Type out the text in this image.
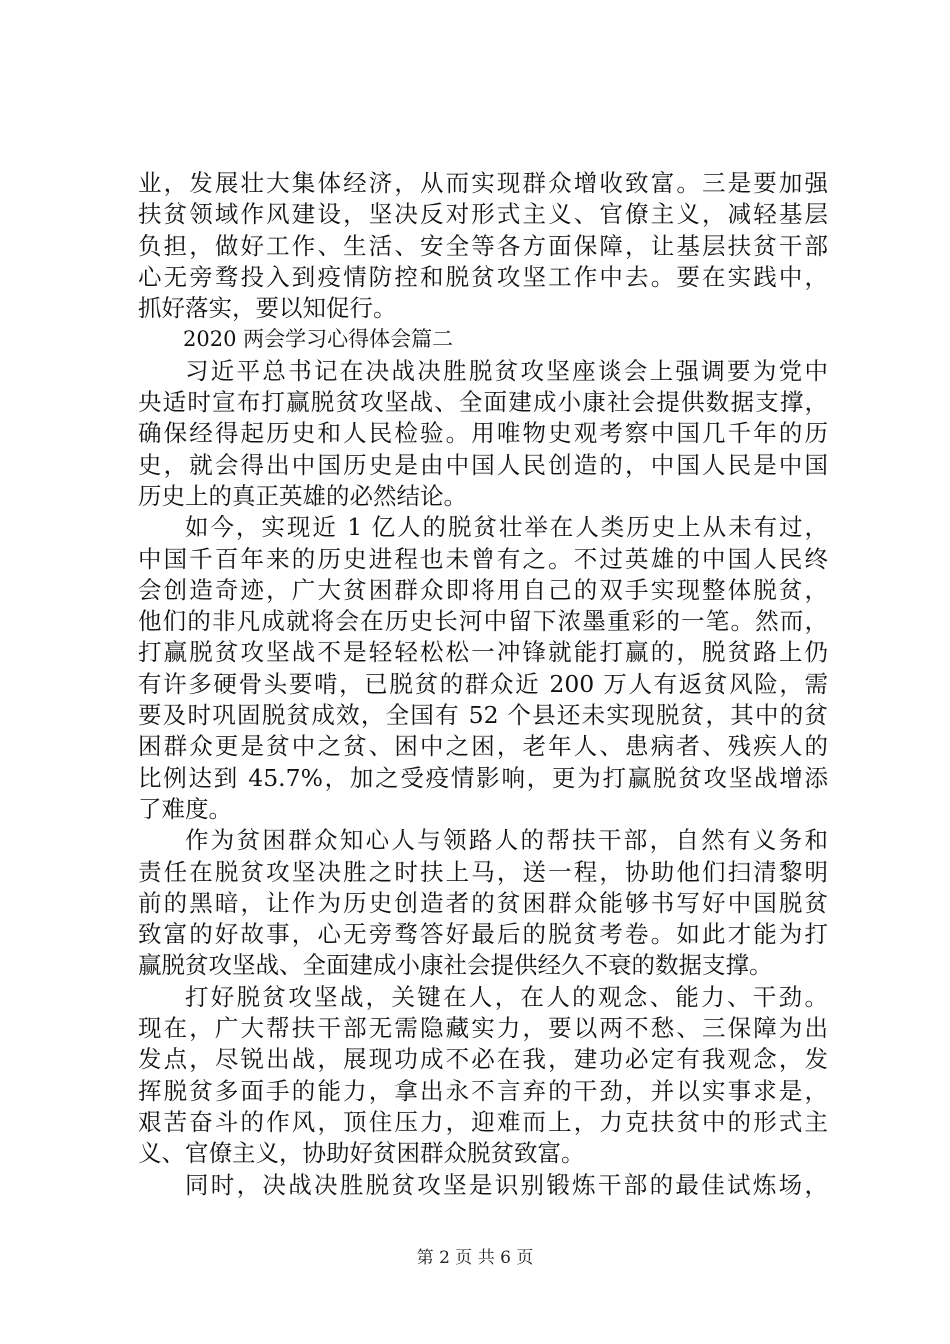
业，发展壮大集体经济，从而实现群众增收致富。三是要加强
扶贫领域作风建设，坚决反对形式主义、官僚主义，减轻基层
负担，做好工作、生活、安全等各方面保障，让基层扶贫干部
心无旁骛投入到疫情防控和脱贫攻坚工作中去。要在实践中，
抓好落实，要以知促行。
2020 两会学习心得体会篇二
习近平总书记在决战决胜脱贫攻坚座谈会上强调要为党中
央适时宣布打赢脱贫攻坚战、全面建成小康社会提供数据支撑，
确保经得起历史和人民检验。用唯物史观考察中国几千年的历
史，就会得出中国历史是由中国人民创造的，中国人民是中国
历史上的真正英雄的必然结论。
如今，实现近 1 亿人的脱贫壮举在人类历史上从未有过，
中国千百年来的历史进程也未曾有之。不过英雄的中国人民终
会创造奇迹，广大贫困群众即将用自己的双手实现整体脱贫，
他们的非凡成就将会在历史长河中留下浓墨重彩的一笔。然而，
打赢脱贫攻坚战不是轻轻松松一冲锋就能打赢的，脱贫路上仍
有许多硬骨头要啃，已脱贫的群众近 200 万人有返贫风险，需
要及时巩固脱贫成效，全国有 52 个县还未实现脱贫，其中的贫
困群众更是贫中之贫、困中之困，老年人、患病者、残疾人的
比例达到 45.7%，加之受疫情影响，更为打赢脱贫攻坚战增添
了难度。
作为贫困群众知心人与领路人的帮扶干部，自然有义务和
责任在脱贫攻坚决胜之时扶上马，送一程，协助他们扫清黎明
前的黑暗，让作为历史创造者的贫困群众能够书写好中国脱贫
致富的好故事，心无旁骛答好最后的脱贫考卷。如此才能为打
赢脱贫攻坚战、全面建成小康社会提供经久不衰的数据支撑。
打好脱贫攻坚战，关键在人，在人的观念、能力、干劲。
现在，广大帮扶干部无需隐藏实力，要以两不愁、三保障为出
发点，尽锐出战，展现功成不必在我，建功必定有我观念，发
挥脱贫多面手的能力，拿出永不言弃的干劲，并以实事求是，
艰苦奋斗的作风，顶住压力，迎难而上，力克扶贫中的形式主
义、官僚主义，协助好贫困群众脱贫致富。
同时，决战决胜脱贫攻坚是识别锻炼干部的最佳试炼场，
第 2 页 共 6 页
